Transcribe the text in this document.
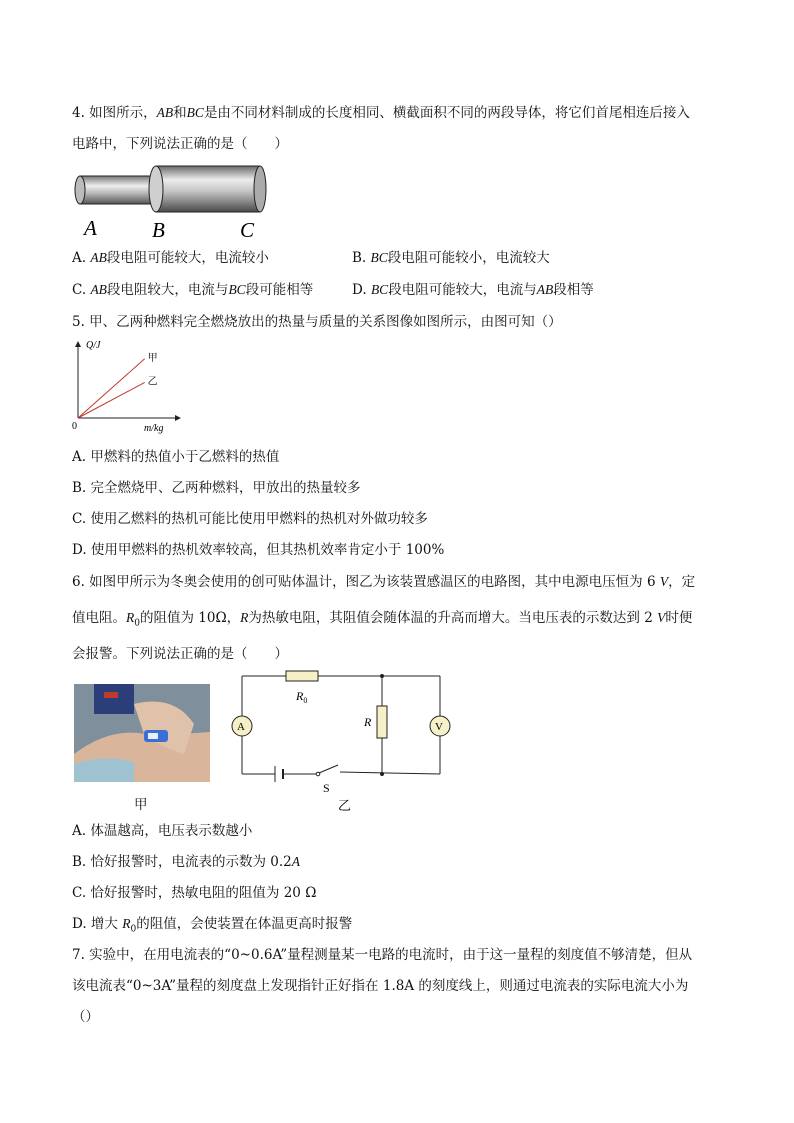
4. 如图所示，AB和BC是由不同材料制成的长度相同、横截面积不同的两段导体，将它们首尾相连后接入
电路中，下列说法正确的是（　　）
A	B	C
A. AB段电阻可能较大，电流较小	B. BC段电阻可能较小，电流较大
C. AB段电阻较大，电流与BC段可能相等	D. BC段电阻可能较大，电流与AB段相等
5. 甲、乙两种燃料完全燃烧放出的热量与质量的关系图像如图所示，由图可知（）
Q/J
m/kg
0
甲
乙
A. 甲燃料的热值小于乙燃料的热值
B. 完全燃烧甲、乙两种燃料，甲放出的热量较多
C. 使用乙燃料的热机可能比使用甲燃料的热机对外做功较多
D. 使用甲燃料的热机效率较高，但其热机效率肯定小于 100%
6. 如图甲所示为冬奥会使用的创可贴体温计，图乙为该装置感温区的电路图，其中电源电压恒为 6 V，定
值电阻。$R_0$的阻值为 10Ω，R为热敏电阻，其阻值会随体温的升高而增大。当电压表的示数达到 2 V时便
会报警。下列说法正确的是（　　）
甲
$R_0$
R
A	V
S
乙
A. 体温越高，电压表示数越小
B. 恰好报警时，电流表的示数为 0.2A
C. 恰好报警时，热敏电阻的阻值为 20 Ω
D. 增大 $R_0$的阻值，会使装置在体温更高时报警
7. 实验中，在用电流表的“0~0.6A”量程测量某一电路的电流时，由于这一量程的刻度值不够清楚，但从
该电流表“0~3A”量程的刻度盘上发现指针正好指在 1.8A 的刻度线上，则通过电流表的实际电流大小为
（）
